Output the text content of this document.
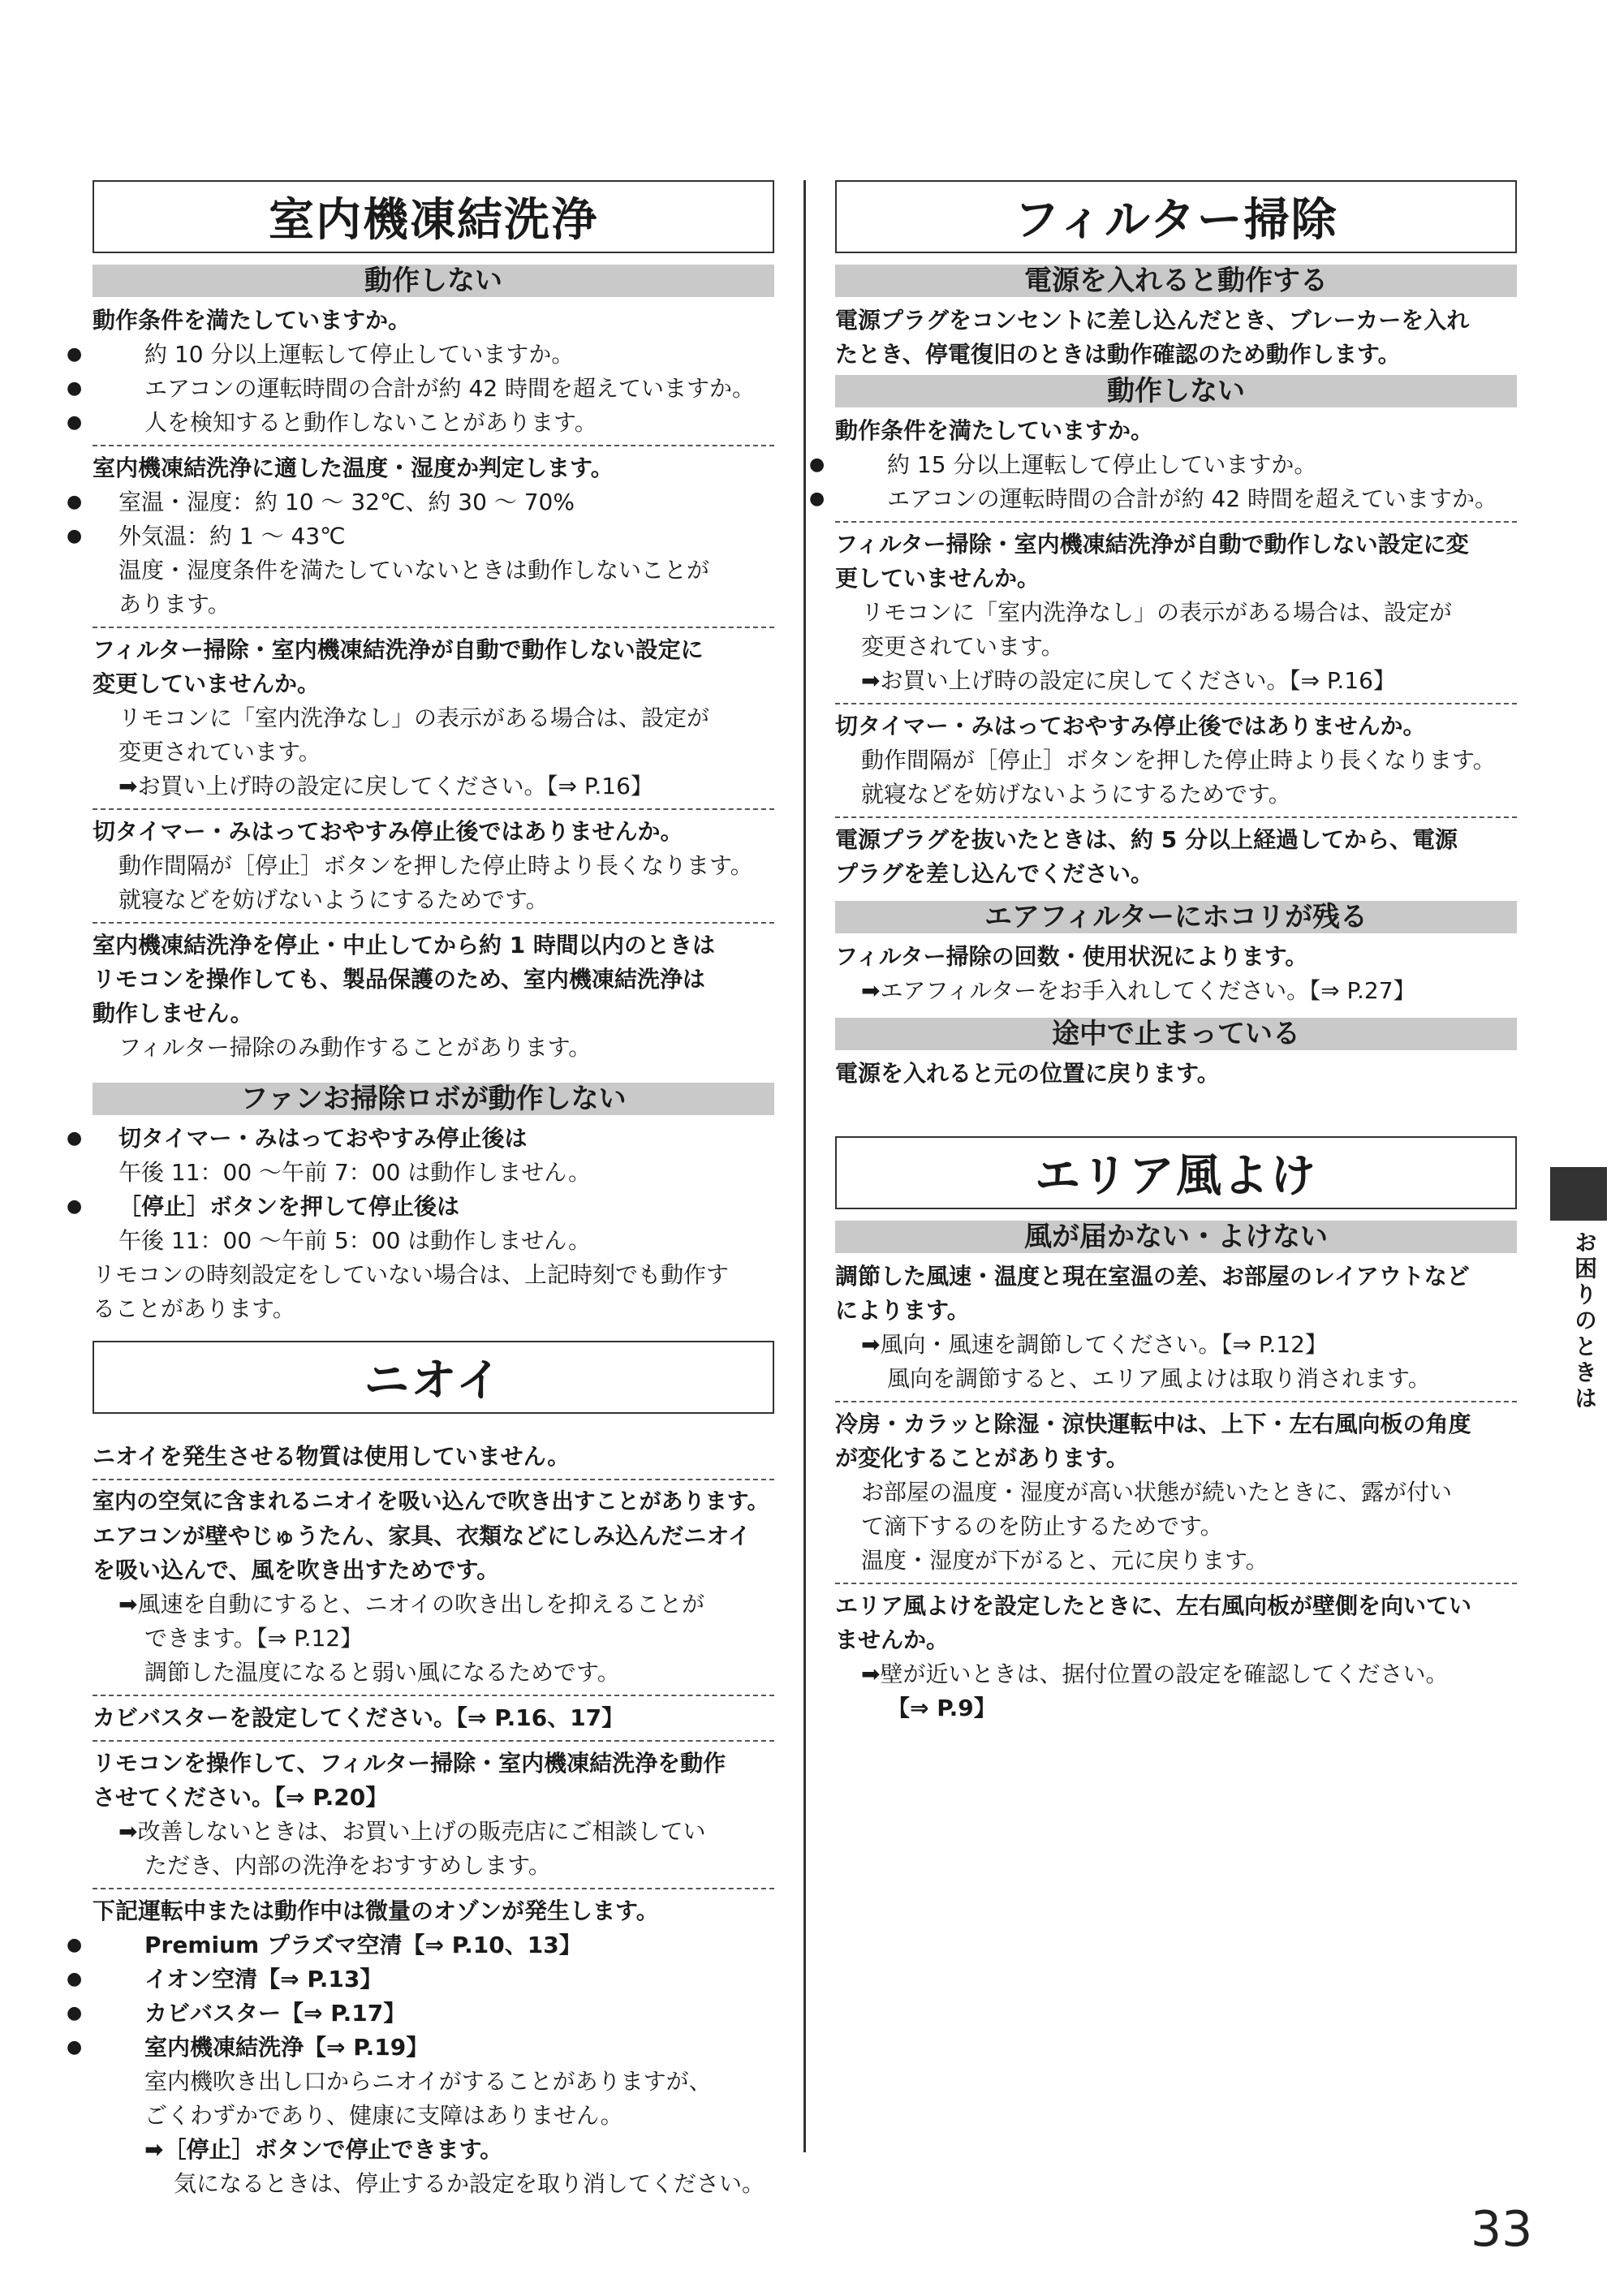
室内機凍結洗浄
動作しない
動作条件を満たしていますか。
● 約 10 分以上運転して停止していますか。
● エアコンの運転時間の合計が約 42 時間を超えていますか。
● 人を検知すると動作しないことがあります。
室内機凍結洗浄に適した温度・湿度か判定します。
● 室温・湿度：約 10 ～ 32℃、約 30 ～ 70%
● 外気温：約 1 ～ 43℃
温度・湿度条件を満たしていないときは動作しないことが
あります。
フィルター掃除・室内機凍結洗浄が自動で動作しない設定に
変更していませんか。
リモコンに「室内洗浄なし」の表示がある場合は、設定が
変更されています。
➡お買い上げ時の設定に戻してください。【⇒ P.16】
切タイマー・みはっておやすみ停止後ではありませんか。
動作間隔が［停止］ボタンを押した停止時より長くなります。
就寝などを妨げないようにするためです。
室内機凍結洗浄を停止・中止してから約 1 時間以内のときは
リモコンを操作しても、製品保護のため、室内機凍結洗浄は
動作しません。
フィルター掃除のみ動作することがあります。
ファンお掃除ロボが動作しない
● 切タイマー・みはっておやすみ停止後は
午後 11：00 ～午前 7：00 は動作しません。
● ［停止］ボタンを押して停止後は
午後 11：00 ～午前 5：00 は動作しません。
リモコンの時刻設定をしていない場合は、上記時刻でも動作す
ることがあります。
ニオイ
ニオイを発生させる物質は使用していません。
室内の空気に含まれるニオイを吸い込んで吹き出すことがあります。
エアコンが壁やじゅうたん、家具、衣類などにしみ込んだニオイ
を吸い込んで、風を吹き出すためです。
➡風速を自動にすると、ニオイの吹き出しを抑えることが
できます。【⇒ P.12】
調節した温度になると弱い風になるためです。
カビバスターを設定してください。【⇒ P.16、17】
リモコンを操作して、フィルター掃除・室内機凍結洗浄を動作
させてください。【⇒ P.20】
➡改善しないときは、お買い上げの販売店にご相談してい
ただき、内部の洗浄をおすすめします。
下記運転中または動作中は微量のオゾンが発生します。
● Premium プラズマ空清【⇒ P.10、13】
● イオン空清【⇒ P.13】
● カビバスター【⇒ P.17】
● 室内機凍結洗浄【⇒ P.19】
室内機吹き出し口からニオイがすることがありますが、
ごくわずかであり、健康に支障はありません。
➡［停止］ボタンで停止できます。
気になるときは、停止するか設定を取り消してください。
フィルター掃除
電源を入れると動作する
電源プラグをコンセントに差し込んだとき、ブレーカーを入れ
たとき、停電復旧のときは動作確認のため動作します。
動作しない
動作条件を満たしていますか。
● 約 15 分以上運転して停止していますか。
● エアコンの運転時間の合計が約 42 時間を超えていますか。
フィルター掃除・室内機凍結洗浄が自動で動作しない設定に変
更していませんか。
リモコンに「室内洗浄なし」の表示がある場合は、設定が
変更されています。
➡お買い上げ時の設定に戻してください。【⇒ P.16】
切タイマー・みはっておやすみ停止後ではありませんか。
動作間隔が［停止］ボタンを押した停止時より長くなります。
就寝などを妨げないようにするためです。
電源プラグを抜いたときは、約 5 分以上経過してから、電源
プラグを差し込んでください。
エアフィルターにホコリが残る
フィルター掃除の回数・使用状況によります。
➡エアフィルターをお手入れしてください。【⇒ P.27】
途中で止まっている
電源を入れると元の位置に戻ります。
エリア風よけ
風が届かない・よけない
調節した風速・温度と現在室温の差、お部屋のレイアウトなど
によります。
➡風向・風速を調節してください。【⇒ P.12】
風向を調節すると、エリア風よけは取り消されます。
冷房・カラッと除湿・涼快運転中は、上下・左右風向板の角度
が変化することがあります。
お部屋の温度・湿度が高い状態が続いたときに、露が付い
て滴下するのを防止するためです。
温度・湿度が下がると、元に戻ります。
エリア風よけを設定したときに、左右風向板が壁側を向いてい
ませんか。
➡壁が近いときは、据付位置の設定を確認してください。
【⇒ P.9】
お困りのときは
33
